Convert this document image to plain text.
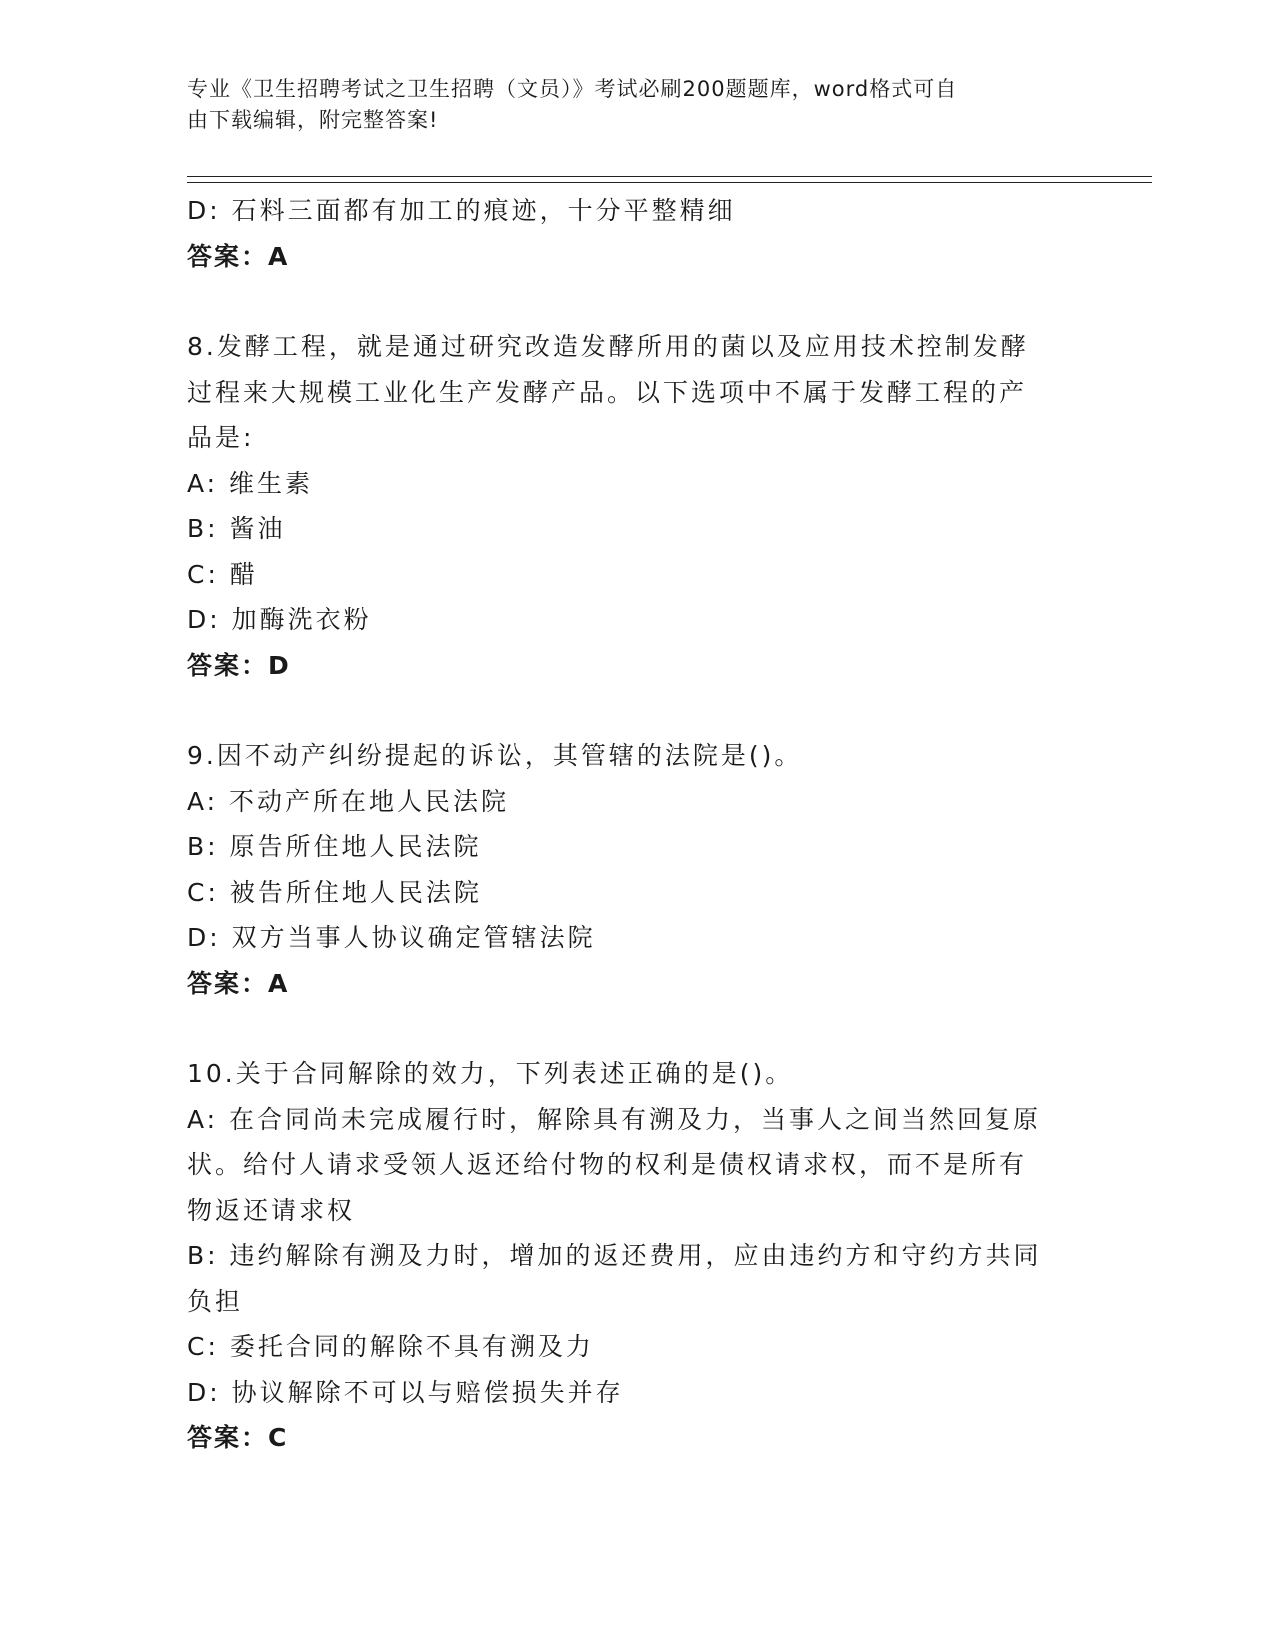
专业《卫生招聘考试之卫生招聘（文员）》考试必刷200题题库，word格式可自
由下载编辑，附完整答案!
D: 石料三面都有加工的痕迹，十分平整精细
答案：A
8.发酵工程，就是通过研究改造发酵所用的菌以及应用技术控制发酵
过程来大规模工业化生产发酵产品。以下选项中不属于发酵工程的产
品是:
A: 维生素
B: 酱油
C: 醋
D: 加酶洗衣粉
答案：D
9.因不动产纠纷提起的诉讼，其管辖的法院是()。
A: 不动产所在地人民法院
B: 原告所住地人民法院
C: 被告所住地人民法院
D: 双方当事人协议确定管辖法院
答案：A
10.关于合同解除的效力，下列表述正确的是()。
A: 在合同尚未完成履行时，解除具有溯及力，当事人之间当然回复原
状。给付人请求受领人返还给付物的权利是债权请求权，而不是所有
物返还请求权
B: 违约解除有溯及力时，增加的返还费用，应由违约方和守约方共同
负担
C: 委托合同的解除不具有溯及力
D: 协议解除不可以与赔偿损失并存
答案：C
